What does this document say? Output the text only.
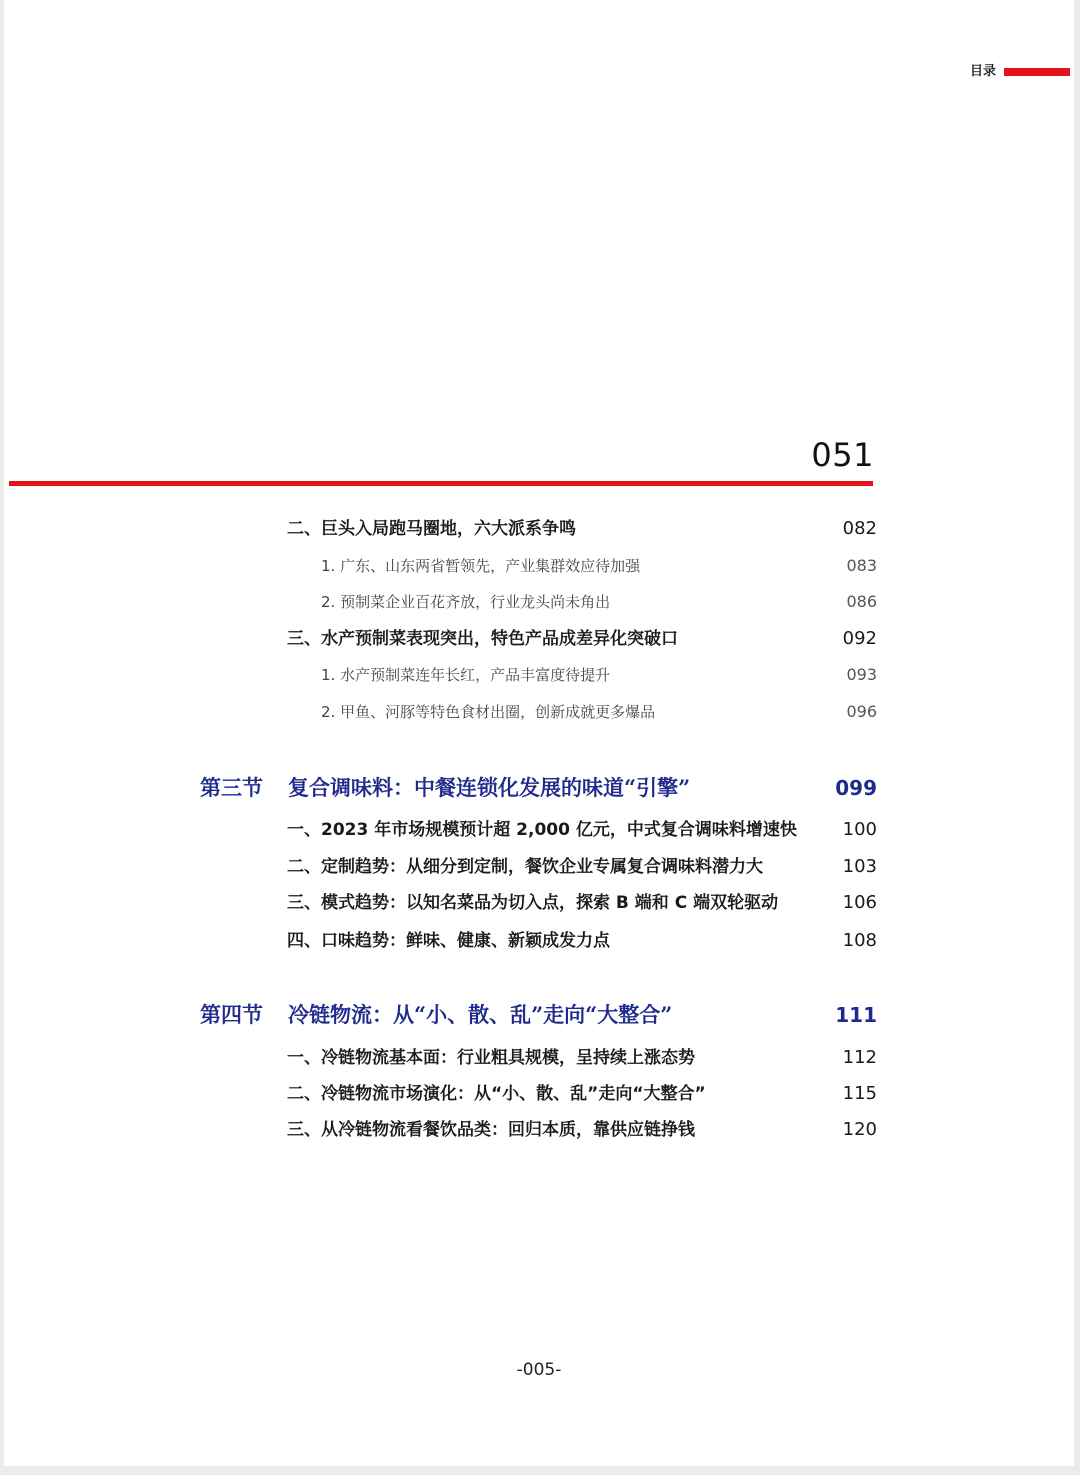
目录
051
二、巨头入局跑马圈地，六大派系争鸣	082
1. 广东、山东两省暂领先，产业集群效应待加强	083
2. 预制菜企业百花齐放，行业龙头尚未角出	086
三、水产预制菜表现突出，特色产品成差异化突破口	092
1. 水产预制菜连年长红，产品丰富度待提升	093
2. 甲鱼、河豚等特色食材出圈，创新成就更多爆品	096
第三节 复合调味料：中餐连锁化发展的味道“引擎”	099
一、2023 年市场规模预计超 2,000 亿元，中式复合调味料增速快	100
二、定制趋势：从细分到定制，餐饮企业专属复合调味料潜力大	103
三、模式趋势：以知名菜品为切入点，探索 B 端和 C 端双轮驱动	106
四、口味趋势：鲜味、健康、新颖成发力点	108
第四节 冷链物流：从“小、散、乱”走向“大整合”	111
一、冷链物流基本面：行业粗具规模，呈持续上涨态势	112
二、冷链物流市场演化：从“小、散、乱”走向“大整合”	115
三、从冷链物流看餐饮品类：回归本质，靠供应链挣钱	120
-005-
